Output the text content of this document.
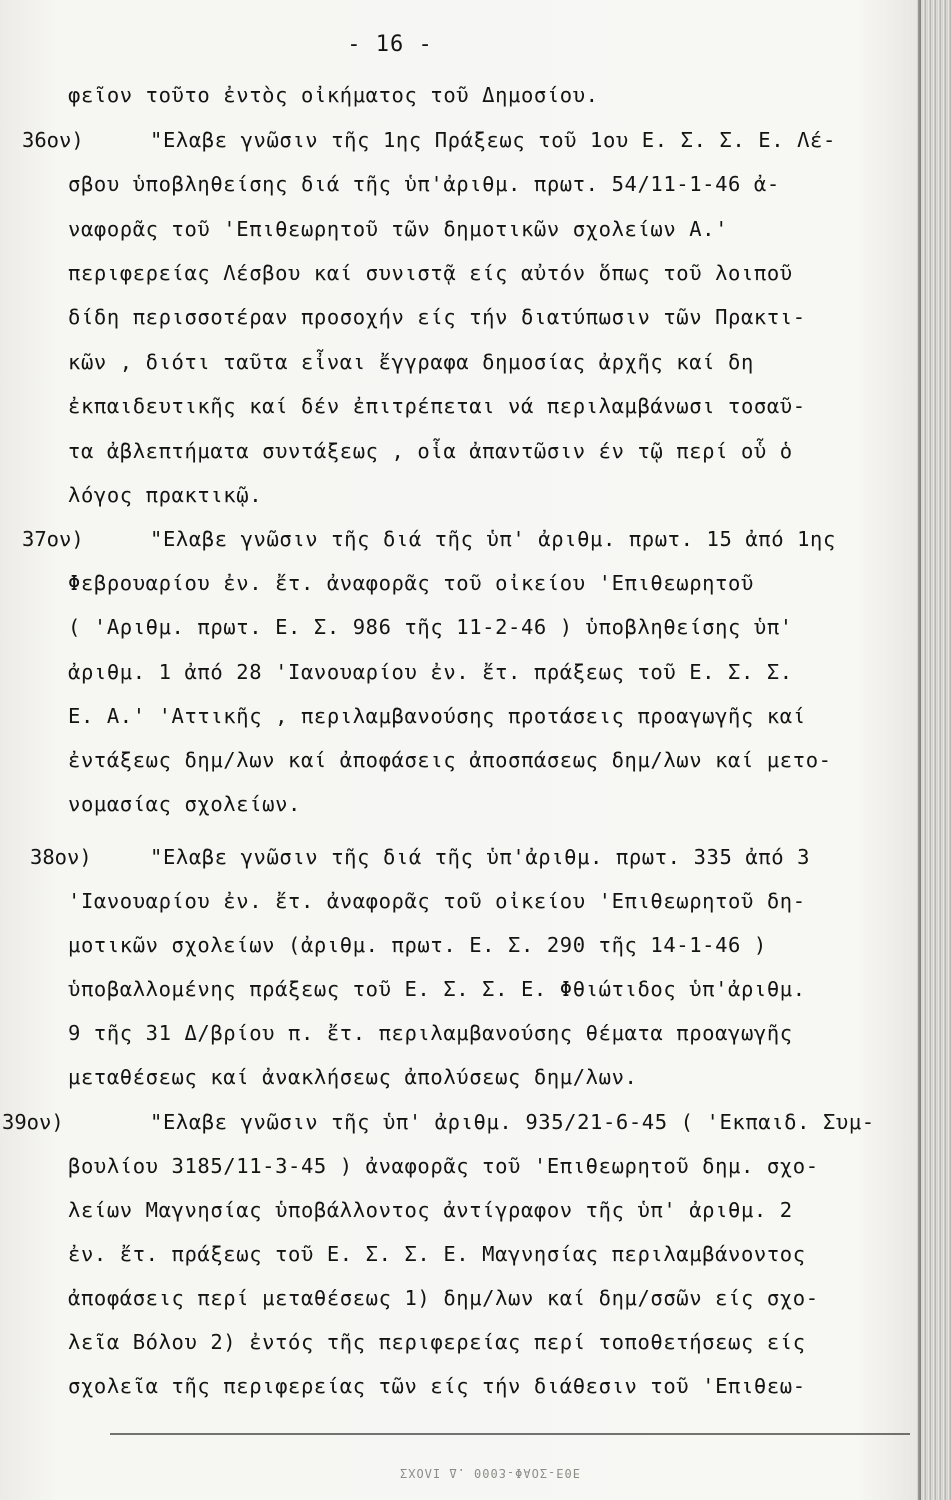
- 16 -
36ον)
37ον)
38ον)
39ον)
φεῖον τοῦτο ἐντὸς οἰκήματος τοῦ Δημοσίου.
"Ελαβε γνῶσιν τῆς 1ης Πράξεως τοῦ 1ου Ε. Σ. Σ. Ε. Λέ-
σβου ὑποβληθείσης διά τῆς ὑπ'ἀριθμ. πρωτ. 54/11-1-46 ἀ-
ναφορᾶς τοῦ 'Επιθεωρητοῦ τῶν δημοτικῶν σχολείων Α.'
περιφερείας Λέσβου καί συνιστᾷ είς αὐτόν ὅπως τοῦ λοιποῦ
δίδη περισσοτέραν προσοχήν είς τήν διατύπωσιν τῶν Πρακτι-
κῶν , διότι ταῦτα εἶναι ἔγγραφα δημοσίας ἀρχῆς καί δη
ἐκπαιδευτικῆς καί δέν ἐπιτρέπεται νά περιλαμβάνωσι τοσαῦ-
τα ἀβλεπτήματα συντάξεως , οἷα ἀπαντῶσιν έν τῷ περί οὗ ὁ
λόγος πρακτικῷ.
"Ελαβε γνῶσιν τῆς διά τῆς ὑπ' ἀριθμ. πρωτ. 15 ἀπό 1ης
Φεβρουαρίου ἐν. ἔτ. ἀναφορᾶς τοῦ οἰκείου 'Επιθεωρητοῦ
( 'Αριθμ. πρωτ. Ε. Σ. 986 τῆς 11-2-46 ) ὑποβληθείσης ὑπ'
ἀριθμ. 1 ἀπό 28 'Ιανουαρίου ἐν. ἔτ. πράξεως τοῦ Ε. Σ. Σ.
Ε. Α.' 'Αττικῆς , περιλαμβανούσης προτάσεις προαγωγῆς καί
ἐντάξεως δημ/λων καί ἀποφάσεις ἀποσπάσεως δημ/λων καί μετο-
νομασίας σχολείων.
"Ελαβε γνῶσιν τῆς διά τῆς ὑπ'ἀριθμ. πρωτ. 335 ἀπό 3
'Ιανουαρίου ἐν. ἔτ. ἀναφορᾶς τοῦ οἰκείου 'Επιθεωρητοῦ δη-
μοτικῶν σχολείων (ἀριθμ. πρωτ. Ε. Σ. 290 τῆς 14-1-46 )
ὑποβαλλομένης πράξεως τοῦ Ε. Σ. Σ. Ε. Φθιώτιδος ὑπ'ἀριθμ.
9 τῆς 31 Δ/βρίου π. ἔτ. περιλαμβανούσης θέματα προαγωγῆς
μεταθέσεως καί ἀνακλήσεως ἀπολύσεως δημ/λων.
"Ελαβε γνῶσιν τῆς ὑπ' ἀριθμ. 935/21-6-45 ( 'Εκπαιδ. Συμ-
βουλίου 3185/11-3-45 ) ἀναφορᾶς τοῦ 'Επιθεωρητοῦ δημ. σχο-
λείων Μαγνησίας ὑποβάλλοντος ἀντίγραφον τῆς ὑπ' ἀριθμ. 2
ἐν. ἔτ. πράξεως τοῦ Ε. Σ. Σ. Ε. Μαγνησίας περιλαμβάνοντος
ἀποφάσεις περί μεταθέσεως 1) δημ/λων καί δημ/σσῶν είς σχο-
λεῖα Βόλου 2) ἐντός τῆς περιφερείας περί τοποθετήσεως είς
σχολεῖα τῆς περιφερείας τῶν είς τήν διάθεσιν τοῦ 'Επιθεω-
ΣΧΟΛΙ Δ. 0003-ΦΑΟΣ-Ε0Ε
